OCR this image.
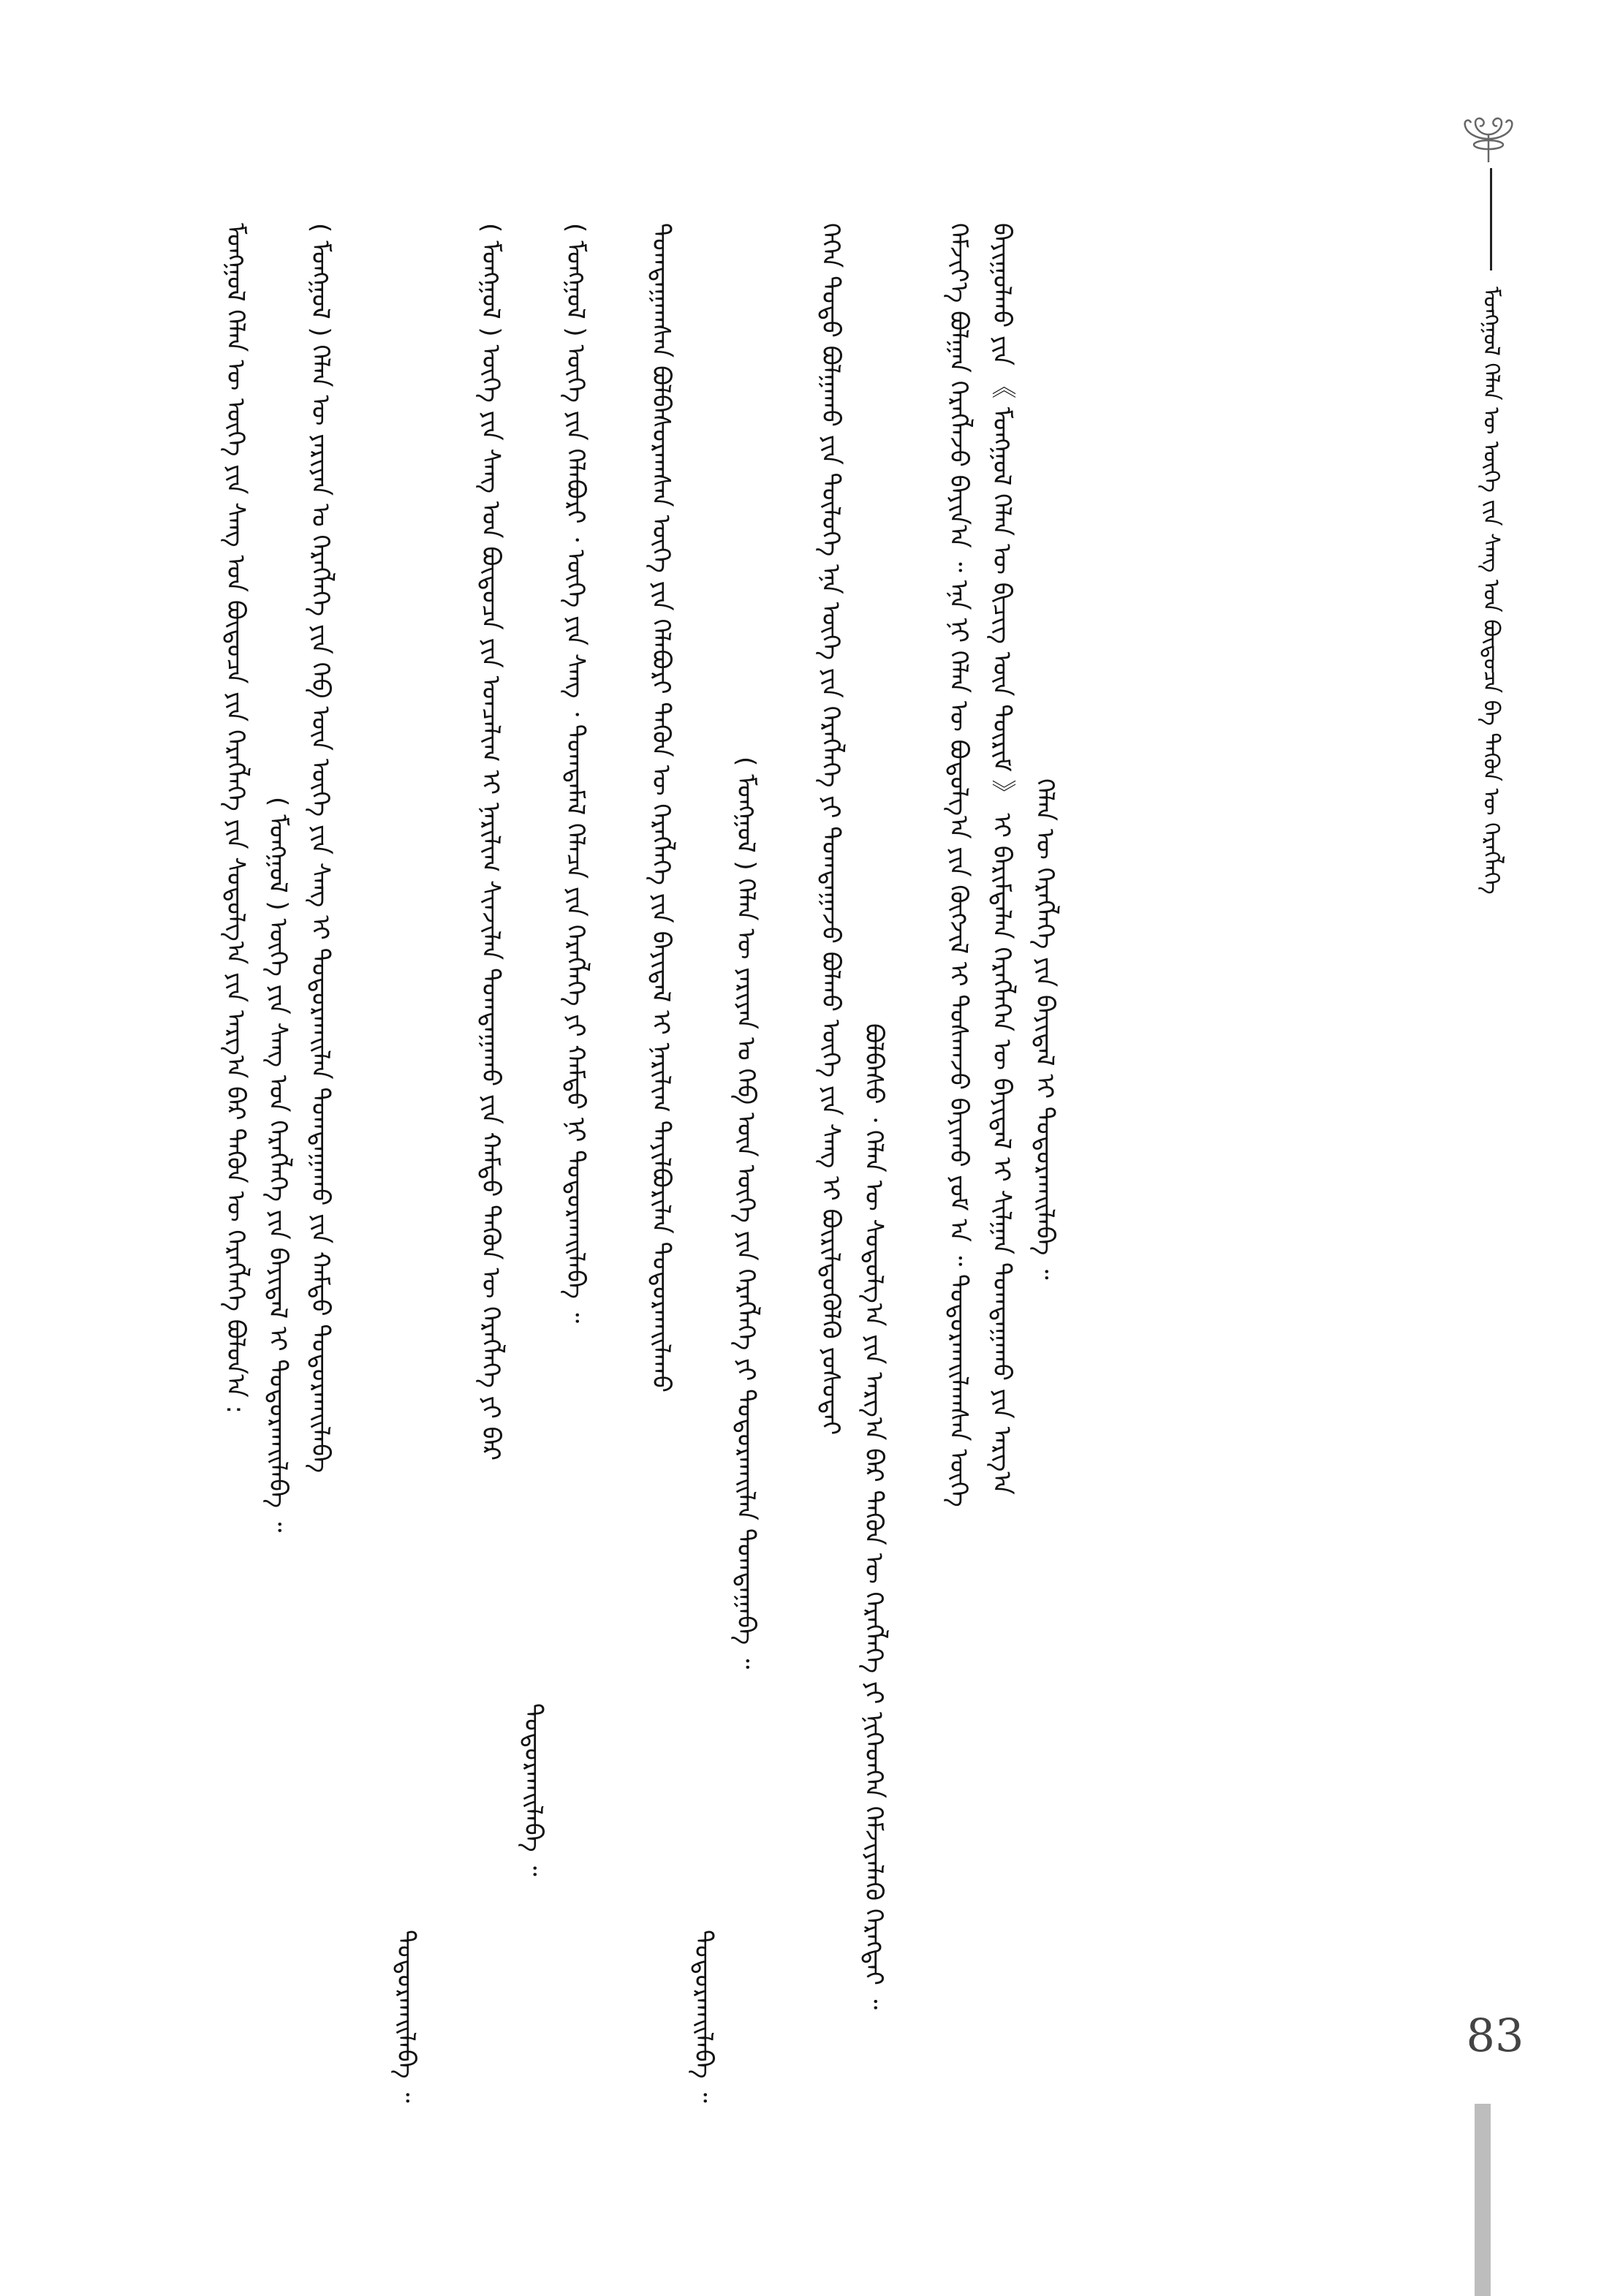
ᠬᠡᠯᠡᠨ ᠦ ᠬᠡᠷᠡᠭᠯᠡᠭᠡ ᠶᠢᠨ ᠪᠠᠶᠢᠳᠠᠯ ᠢ ᠲᠣᠳᠣᠷᠬᠠᠢᠯᠠᠪᠠ ᠃
ᠪᠠᠶᠢᠭᠤᠯᠬᠤ ᠶᠢᠨ 《 ᠮᠣᠩᠭᠣᠯ ᠬᠡᠯᠡᠨ ᠦ ᠪᠢᠴᠢᠭ ᠦᠨ ᠳᠦᠷᠢᠮ 》 ᠢ ᠪᠠᠷᠢᠮᠲᠠᠯᠠᠨ ᠬᠡᠷᠡᠭᠯᠡᠭᠡᠨ ᠦ ᠪᠠᠶᠢᠳᠠᠯ ᠢ ᠰᠢᠯᠭᠠᠨ ᠲᠣᠭᠲᠠᠭᠠᠬᠤ ᠶᠢᠨ ᠠᠷᠭ᠎ᠠ
ᠬᠡᠮᠵᠢᠶ᠎ᠡ ᠪᠣᠯᠭᠠᠨ ᠬᠡᠷᠡᠭᠯᠡᠵᠦ ᠪᠠᠶᠢᠨ᠎ᠠ ᠃ ᠡᠨᠡ ᠨᠢ ᠬᠡᠯᠡᠨ ᠦ ᠪᠣᠳᠣᠯᠭ᠎ᠠ ᠶᠢᠨ ᠬᠥᠭᠵᠢᠯ ᠢ ᠲᠤᠰᠬᠠᠵᠤ ᠪᠠᠶᠢᠬᠤ ᠶᠤᠮ ᠠ ᠃ ᠲᠣᠳᠣᠷᠬᠠᠢᠯᠠᠭᠰᠠᠨ ᠦᠭᠡ
ᠪᠣᠯᠪᠠᠰᠤ ᠂ ᠬᠡᠯᠡᠨ ᠦ ᠰᠣᠳᠤᠯᠭ᠎ᠠ ᠶᠢᠨ ᠠᠷᠭ᠎ᠠ ᠪᠠᠷ ᠲᠡᠭᠦᠨ ᠦ ᠬᠡᠷᠡᠭᠯᠡᠭᠡ ᠶᠢ ᠨᠢᠭᠡᠳᠭᠡᠨ ᠬᠡᠮᠵᠢᠶᠡᠯᠡᠬᠦ ᠬᠡᠷᠡᠭᠲᠡᠶ ᠃
ᠭᠡᠭᠡᠨ ᠲᠣᠳᠣ ᠪᠣᠯᠭᠠᠬᠤ ᠶᠢᠨ ᠲᠥᠯᠥᠭᠡ ᠡᠨᠡ ᠦᠭᠡ ᠶᠢᠨ ᠬᠡᠷᠡᠭᠯᠡᠭᠡ ᠶᠢ ᠲᠣᠭᠲᠠᠭᠠᠵᠤ ᠪᠣᠯᠬᠤ ᠦᠭᠡ ᠶᠢᠨ ᠰᠠᠩ ᠢ ᠪᠦᠷᠢᠯᠳᠦᠭᠦᠯᠬᠦ ᠶᠣᠰᠣᠳᠠᠢ
( ᠮᠣᠩᠭᠣᠯ ) ᠬᠡᠯᠡᠨ ᠦ ᠶᠠᠷᠢᠶᠠᠨ ᠤ ᠬᠡᠪ ᠦᠨ ᠦᠭᠡ ᠶᠢᠨ ᠬᠡᠷᠡᠭᠯᠡᠭᠡ ᠶᠢ ᠲᠣᠳᠣᠷᠬᠠᠢᠯᠠᠨ ᠲᠣᠭᠲᠠᠭᠠᠪᠠ ᠃
ᠲᠣᠳᠣᠷᠬᠠᠢᠯᠠᠪᠠ ᠃
ᠲᠣᠭᠲᠠᠭᠠᠭᠰᠠᠨ ᠪᠣᠯᠪᠠᠰᠤᠷᠠᠭᠰᠠᠨ ᠦᠭᠡ ᠶᠢᠨ ᠬᠡᠯᠡᠪᠦᠷᠢ ᠲᠡᠭᠦᠨ ᠦ ᠬᠡᠷᠡᠭᠯᠡᠭᠡ ᠶᠢᠨ ᠪᠠᠶᠢᠳᠠᠯ ᠢ ᠨᠠᠷᠢᠯᠢᠭ ᠲᠠᠶᠢᠯᠪᠤᠷᠢᠯᠠᠨ ᠲᠣᠳᠣᠷᠬᠠᠢᠯᠠᠬᠤ
( ᠮᠣᠩᠭᠣᠯ ) ᠦᠭᠡ ᠶᠢᠨ ᠬᠡᠯᠡᠪᠦᠷᠢ ᠂ ᠦᠭᠡ ᠶᠢᠨ ᠰᠠᠩ ᠂ ᠲᠣᠭᠲᠠᠮᠠᠯ ᠬᠡᠯᠡᠴᠡ ᠶᠢᠨ ᠬᠡᠷᠡᠭᠯᠡᠭᠡ ᠶᠢ ᠬᠠᠮᠲᠤ ᠨᠢ ᠲᠣᠳᠣᠷᠬᠠᠢᠯᠠᠪᠠ ᠃
ᠲᠣᠳᠣᠷᠬᠠᠢᠯᠠᠪᠠ ᠃
( ᠮᠣᠩᠭᠣᠯ ) ᠦᠭᠡ ᠶᠢᠨ ᠰᠠᠩ ᠤᠨ ᠪᠦᠲᠦᠴᠡ ᠶᠢᠨ ᠣᠨᠴᠠᠯᠢᠭ ᠢ ᠨᠠᠷᠢᠯᠢᠭ ᠰᠢᠨᠵᠢᠯᠡᠨ ᠲᠣᠭᠲᠠᠭᠠᠬᠤ ᠶᠢᠨ ᠬᠠᠮᠲᠤ ᠲᠡᠭᠦᠨ ᠦ ᠬᠡᠷᠡᠭᠯᠡᠭᠡ ᠶᠢ ᠪᠠᠷ
ᠲᠣᠳᠣᠷᠬᠠᠢᠯᠠᠪᠠ ᠃
( ᠮᠣᠩᠭᠣᠯ ) ᠬᠡᠯᠡᠨ ᠦ ᠶᠠᠷᠢᠶᠠᠨ ᠤ ᠬᠡᠷᠡᠭᠯᠡᠭᠡ ᠶᠢᠨ ᠬᠡᠪ ᠦᠨ ᠦᠭᠡ ᠶᠢᠨ ᠰᠠᠩ ᠢ ᠲᠣᠳᠣᠷᠬᠠᠢᠯᠠᠨ ᠲᠣᠭᠲᠠᠭᠠᠬᠤ ᠶᠢᠨ ᠬᠠᠮᠲᠤ ᠲᠣᠳᠣᠷᠬᠠᠢᠯᠠᠪᠠ
( ᠮᠣᠩᠭᠣᠯ ) ᠦᠭᠡ ᠶᠢᠨ ᠰᠠᠩ ᠤᠨ ᠬᠡᠷᠡᠭᠯᠡᠭᠡ ᠶᠢᠨ ᠪᠠᠶᠢᠳᠠᠯ ᠢ ᠲᠣᠳᠣᠷᠬᠠᠢᠯᠠᠪᠠ ᠃
ᠮᠣᠩᠭᠣᠯ ᠬᠡᠯᠡᠨ ᠦ ᠦᠭᠡ ᠶᠢᠨ ᠰᠠᠩ ᠤᠨ ᠪᠦᠲᠦᠴᠡ ᠶᠢᠨ ᠬᠡᠷᠡᠭᠯᠡᠭᠡ ᠶᠢᠨ ᠰᠤᠳᠤᠯᠭ᠎ᠠ ᠶᠢᠨ ᠠᠷᠭ᠎ᠠ ᠪᠠᠷ ᠲᠡᠭᠦᠨ ᠦ ᠬᠡᠷᠡᠭᠯᠡᠭᠡ ᠪᠣᠯᠤᠨ᠎ᠠ :	ᠮᠣᠩᠭᠣᠯ ᠬᠡᠯᠡᠨ ᠦ ᠦᠭᠡ ᠵᠢᠨ ᠰᠠᠩ ᠤᠨ ᠪᠦᠲᠦᠴᠡ ᠪᠠ ᠲᠡᠭᠦᠨ ᠦ ᠬᠡᠷᠡᠭᠯᠡᠭᠡ
83
